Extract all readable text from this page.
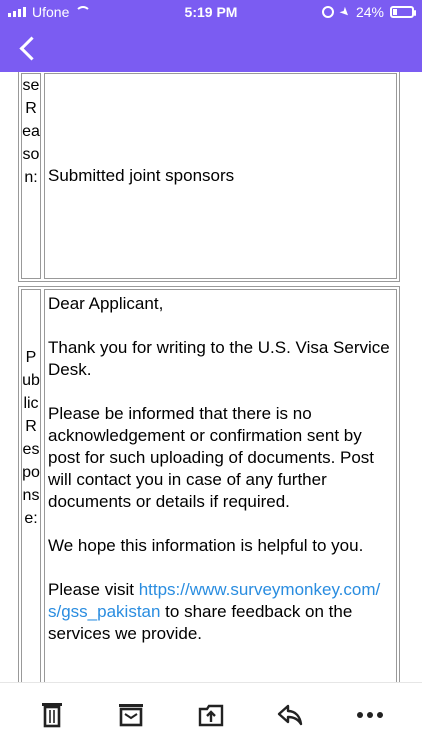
Ufone	5:19 PM	➤ 24%
seReason: Submitted joint sponsors
Public Response:

Dear Applicant,

Thank you for writing to the U.S. Visa Service Desk.

Please be informed that there is no acknowledgement or confirmation sent by post for such uploading of documents. Post will contact you in case of any further documents or details if required.

We hope this information is helpful to you.

Please visit https://www.surveymonkey.com/s/gss_pakistan to share feedback on the services we provide.
